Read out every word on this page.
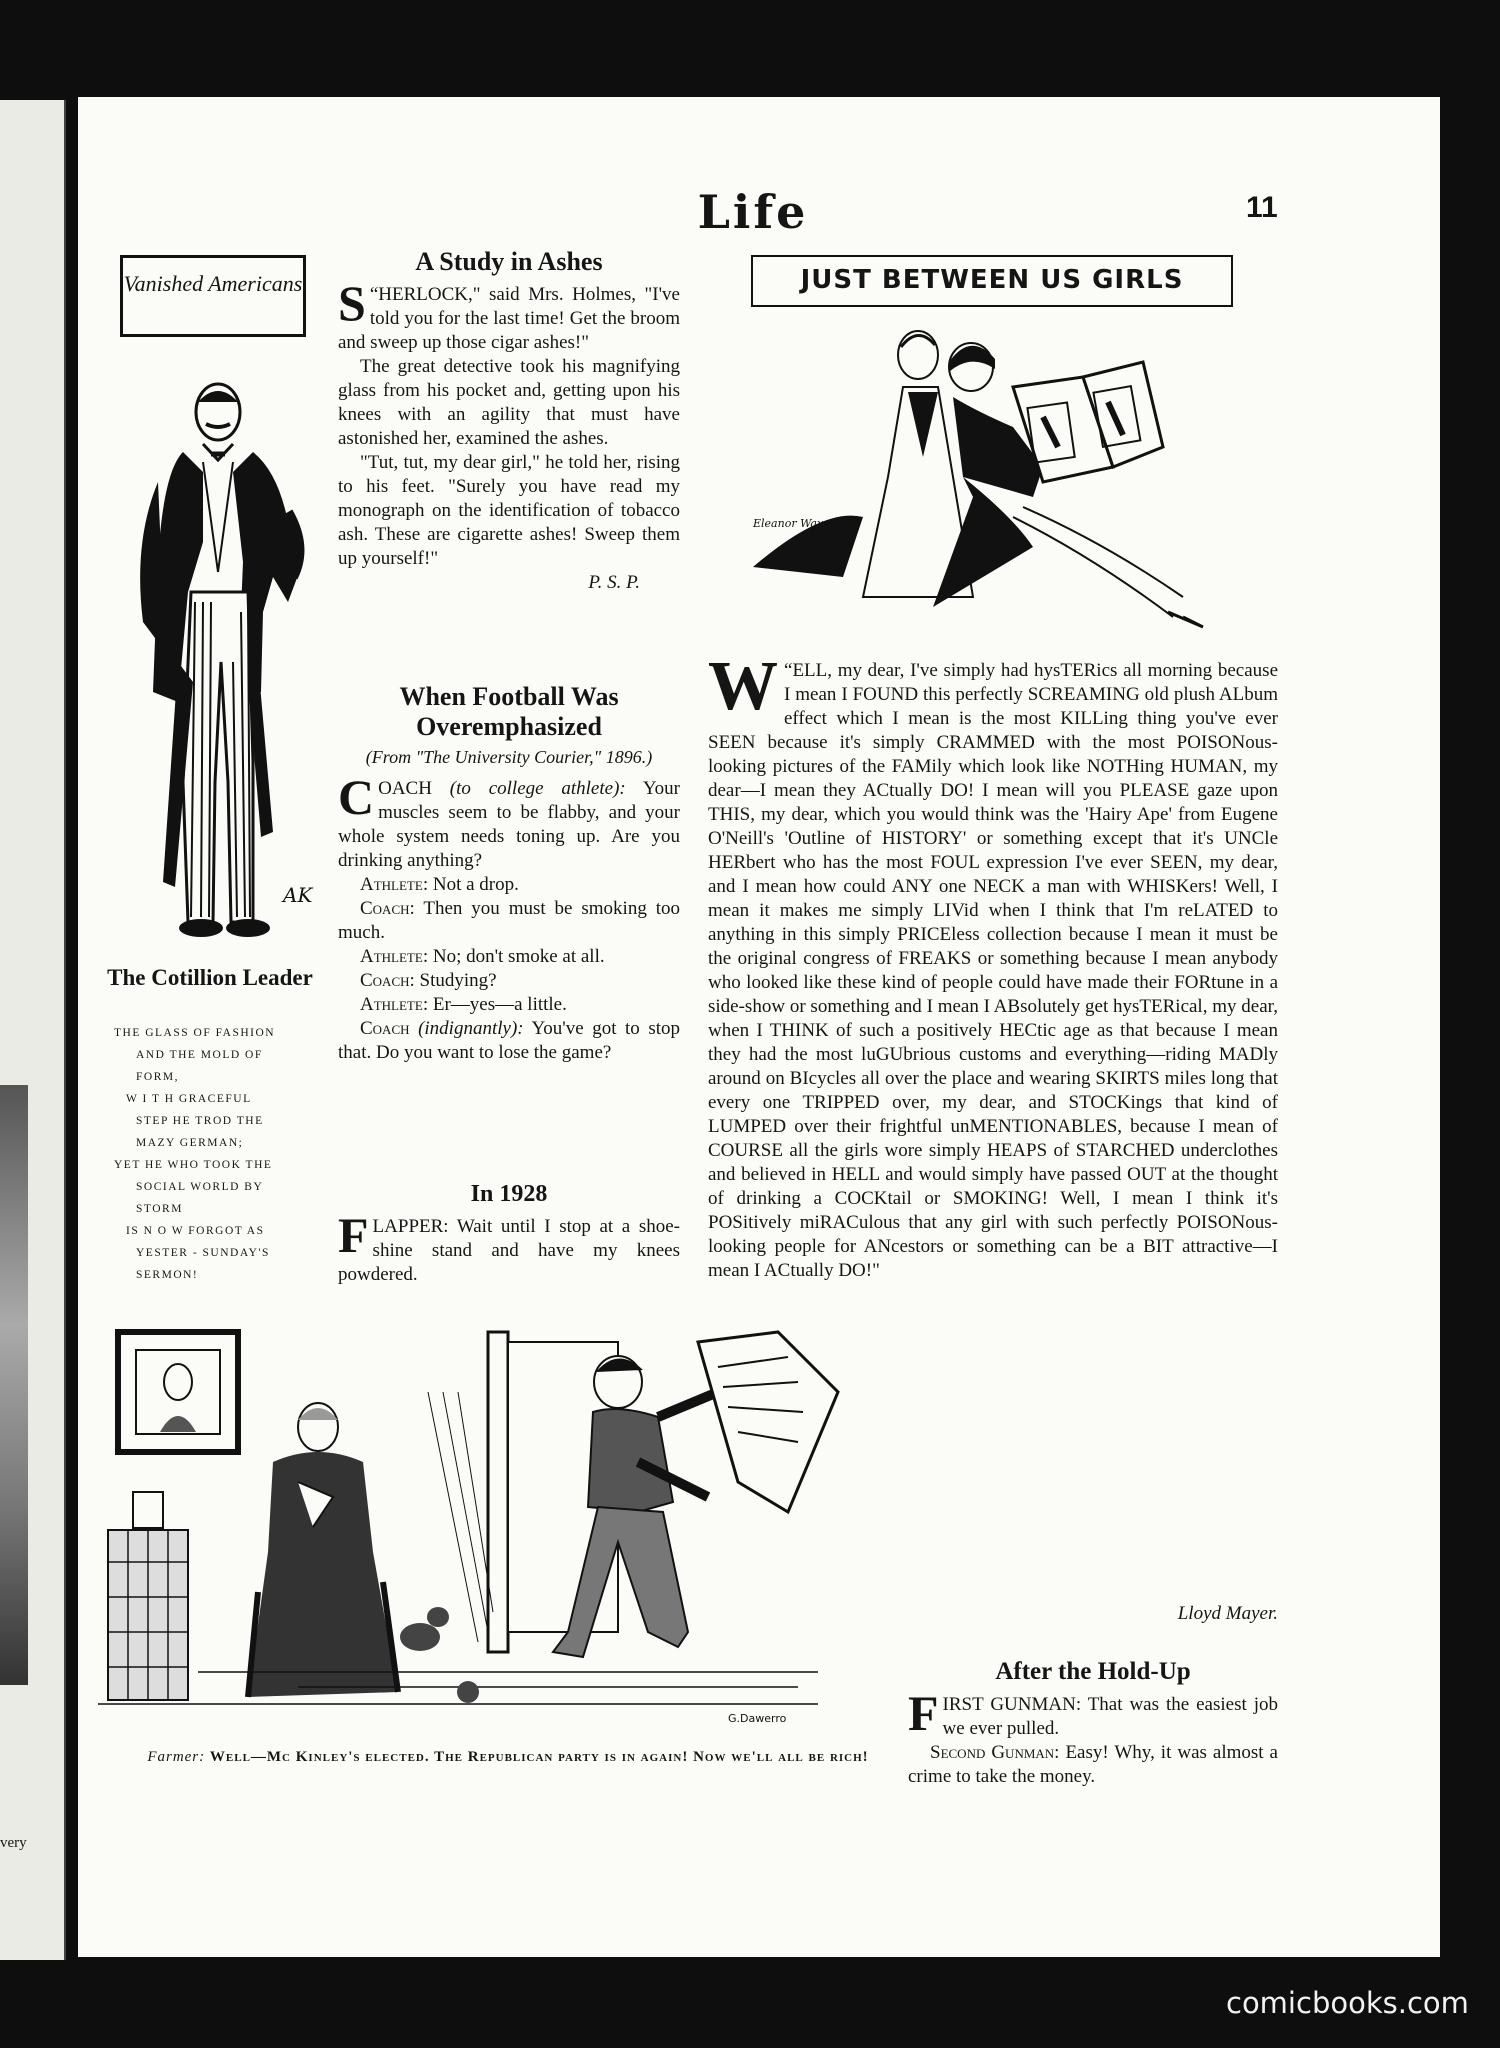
very
Life	11
Vanished Americans
AK
The Cotillion Leader
THE GLASS OF FASHION
AND THE MOLD OF
FORM,
W I T H GRACEFUL
STEP HE TROD THE
MAZY GERMAN;
YET HE WHO TOOK THE
SOCIAL WORLD BY
STORM
IS N O W FORGOT AS
YESTER - SUNDAY'S
SERMON!
A Study in Ashes

“
S HERLOCK," said Mrs. Holmes, "I've told you for the last time! Get the broom and sweep up those cigar ashes!"

The great detective took his magnifying glass from his pocket and, getting upon his knees with an agility that must have astonished her, examined the ashes.

"Tut, tut, my dear girl," he told her, rising to his feet. "Surely you have read my monograph on the identification of tobacco ash. These are cigarette ashes! Sweep them up yourself!"

P. S. P.
When Football Was Overemphasized
(From "The University Courier," 1896.)

COACH (to college athlete): Your muscles seem to be flabby, and your whole system needs toning up. Are you drinking anything?

Athlete: Not a drop.

Coach: Then you must be smoking too much.

Athlete: No; don't smoke at all.

Coach: Studying?

Athlete: Er—yes—a little.

Coach (indignantly): You've got to stop that. Do you want to lose the game?

In 1928

FLAPPER: Wait until I stop at a shoe-shine stand and have my knees powdered.

JUST BETWEEN US GIRLS
Eleanor Waxman

“
W ELL, my dear, I've simply had hysTERics all morning because I mean I FOUND this perfectly SCREAMING old plush ALbum effect which I mean is the most KILLing thing you've ever SEEN because it's simply CRAMMED with the most POISONous-looking pictures of the FAMily which look like NOTHing HUMAN, my dear—I mean they ACtually DO! I mean will you PLEASE gaze upon THIS, my dear, which you would think was the 'Hairy Ape' from Eugene O'Neill's 'Outline of HISTORY' or something except that it's UNCle HERbert who has the most FOUL expression I've ever SEEN, my dear, and I mean how could ANY one NECK a man with WHISKers! Well, I mean it makes me simply LIVid when I think that I'm reLATED to anything in this simply PRICEless collection because I mean it must be the original congress of FREAKS or something because I mean anybody who looked like these kind of people could have made their FORtune in a side-show or something and I mean I ABsolutely get hysTERical, my dear, when I THINK of such a positively HECtic age as that because I mean they had the most luGUbrious customs and everything—riding MADly around on BIcycles all over the place and wearing SKIRTS miles long that every one TRIPPED over, my dear, and STOCKings that kind of LUMPED over their frightful unMENTIONABLES, because I mean of COURSE all the girls wore simply HEAPS of STARCHED underclothes and believed in HELL and would simply have passed OUT at the thought of drinking a COCKtail or SMOKING! Well, I mean I think it's POSitively miRACulous that any girl with such perfectly POISONous-looking people for ANcestors or something can be a BIT attractive—I mean I ACtually DO!"

Lloyd Mayer.
After the Hold-Up

FIRST GUNMAN: That was the easiest job we ever pulled.

Second Gunman: Easy! Why, it was almost a crime to take the money.

G.Dawerro
Farmer: Well—Mc Kinley's elected. The Republican party is in again! Now we'll all be rich!
comicbooks.com
